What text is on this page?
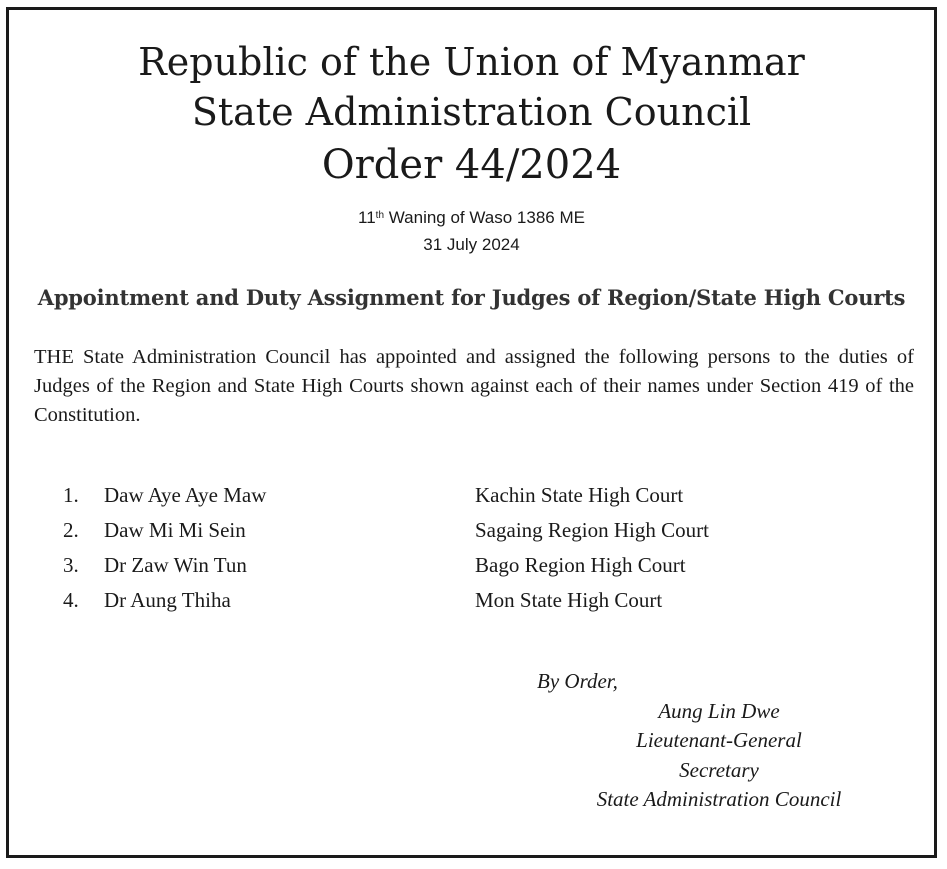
Republic of the Union of Myanmar
State Administration Council
Order 44/2024
11th Waning of Waso 1386 ME
31 July 2024
Appointment and Duty Assignment for Judges of Region/State High Courts
THE State Administration Council has appointed and assigned the following persons to the duties of Judges of the Region and State High Courts shown against each of their names under Section 419 of the Constitution.
1. Daw Aye Aye Maw	Kachin State High Court
2. Daw Mi Mi Sein	Sagaing Region High Court
3. Dr Zaw Win Tun	Bago Region High Court
4. Dr Aung Thiha	Mon State High Court
By Order,
Aung Lin Dwe
Lieutenant-General
Secretary
State Administration Council
